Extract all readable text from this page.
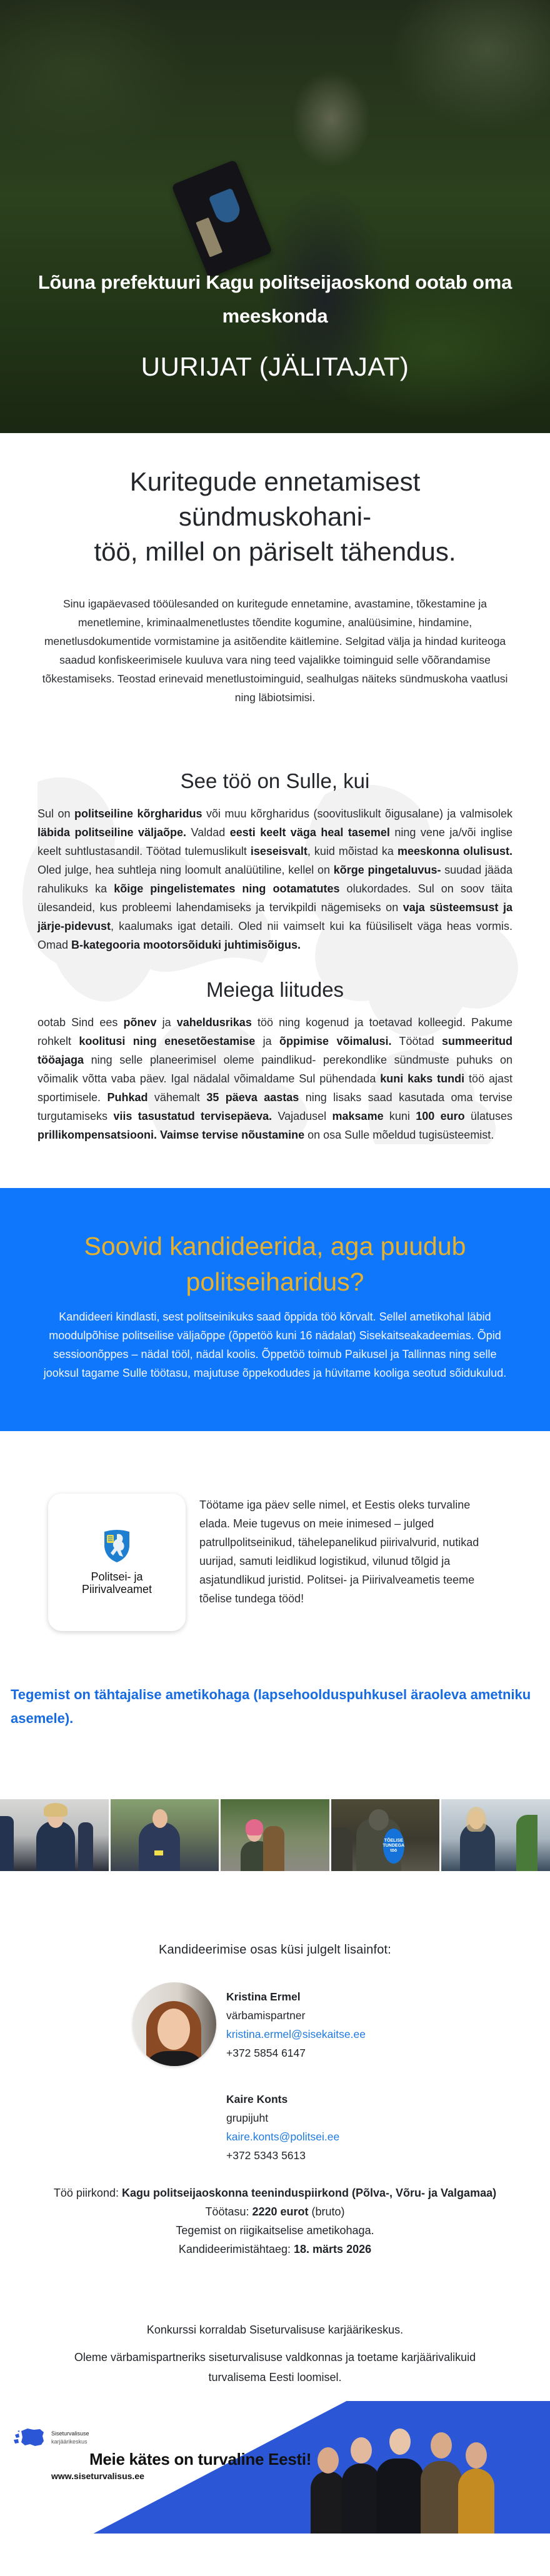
Lõuna prefektuuri Kagu politseijaoskond ootab oma meeskonda
UURIJAT (JÄLITAJAT)
Kuritegude ennetamisest
sündmuskohani-
töö, millel on päriselt tähendus.

Sinu igapäevased tööülesanded on kuritegude ennetamine, avastamine, tõkestamine ja menetlemine, kriminaalmenetlustes tõendite kogumine, analüüsimine, hindamine, menetlusdokumentide vormistamine ja asitõendite käitlemine. Selgitad välja ja hindad kuriteoga saadud konfiskeerimisele kuuluva vara ning teed vajalikke toiminguid selle võõrandamise tõkestamiseks. Teostad erinevaid menetlustoiminguid, sealhulgas näiteks sündmuskoha vaatlusi ning läbiotsimisi.

See töö on Sulle, kui

Sul on politseiline kõrgharidus või muu kõrgharidus (soovituslikult õigusalane) ja valmisolek läbida politseiline väljaõpe. Valdad eesti keelt väga heal tasemel ning vene ja/või inglise keelt suhtlustasandil. Töötad tulemuslikult iseseisvalt, kuid mõistad ka meeskonna olulisust. Oled julge, hea suhtleja ning loomult analüütiline, kellel on kõrge pingetaluvus- suudad jääda rahulikuks ka kõige pingelistemates ning ootamatutes olukordades. Sul on soov täita ülesandeid, kus probleemi lahendamiseks ja tervikpildi nägemiseks on vaja süsteemsust ja järje-pidevust, kaalumaks igat detaili. Oled nii vaimselt kui ka füüsiliselt väga heas vormis. Omad B-kategooria mootorsõiduki juhtimisõigus.

Meiega liitudes

ootab Sind ees põnev ja vaheldusrikas töö ning kogenud ja toetavad kolleegid. Pakume rohkelt koolitusi ning enesetõestamise ja õppimise võimalusi. Töötad summeeritud tööajaga ning selle planeerimisel oleme paindlikud- perekondlike sündmuste puhuks on võimalik võtta vaba päev. Igal nädalal võimaldame Sul pühendada kuni kaks tundi töö ajast sportimisele. Puhkad vähemalt 35 päeva aastas ning lisaks saad kasutada oma tervise turgutamiseks viis tasustatud tervisepäeva. Vajadusel maksame kuni 100 euro ülatuses prillikompensatsiooni. Vaimse tervise nõustamine on osa Sulle mõeldud tugisüsteemist.

Soovid kandideerida, aga puudub politseiharidus?

Kandideeri kindlasti, sest politseinikuks saad õppida töö kõrvalt. Sellel ametikohal läbid moodulpõhise politseilise väljaõppe (õppetöö kuni 16 nädalat) Sisekaitseakadeemias. Õpid sessioonõppes – nädal tööl, nädal koolis. Õppetöö toimub Paikusel ja Tallinnas ning selle jooksul tagame Sulle töötasu, majutuse õppekodudes ja hüvitame kooliga seotud sõidukulud.

Politsei- ja
Piirivalveamet

Töötame iga päev selle nimel, et Eestis oleks turvaline elada. Meie tugevus on meie inimesed – julged patrullpolitseinikud, tähelepanelikud piirivalvurid, nutikad uurijad, samuti leidlikud logistikud, vilunud tõlgid ja asjatundlikud juristid. Politsei- ja Piirivalveametis teeme tõelise tundega tööd!

Tegemist on tähtajalise ametikohaga (lapsehoolduspuhkusel äraoleva ametniku asemele).

TÕELISE
TUNDEGA
töö

Kandideerimise osas küsi julgelt lisainfot:

Kristina Ermel
värbamispartner
kristina.ermel@sisekaitse.ee
+372 5854 6147
Kaire Konts
grupijuht
kaire.konts@politsei.ee
+372 5343 5613
Töö piirkond: Kagu politseijaoskonna teeninduspiirkond (Põlva-, Võru- ja Valgamaa)
Töötasu: 2220 eurot (bruto)
Tegemist on riigikaitselise ametikohaga.
Kandideerimistähtaeg: 18. märts 2026

Konkurssi korraldab Siseturvalisuse karjäärikeskus.

Oleme värbamispartneriks siseturvalisuse valdkonnas ja toetame karjäärivalikuid
turvalisema Eesti loomisel.

Siseturvalisuse
karjäärikeskus
Meie kätes on turvaline Eesti!
www.siseturvalisus.ee
